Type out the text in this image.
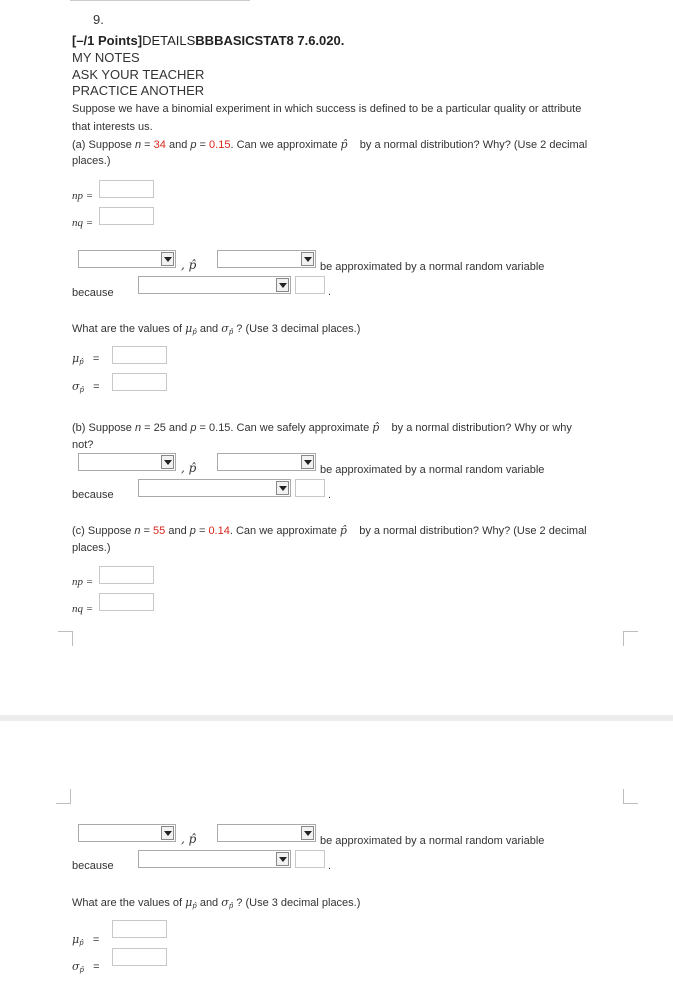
9.
[–/1 Points]DETAILSBBBASICSTAT8 7.6.020.
MY NOTES
ASK YOUR TEACHER
PRACTICE ANOTHER
Suppose we have a binomial experiment in which success is defined to be a particular quality or attribute
that interests us.
(a) Suppose n = 34 and p = 0.15. Can we approximate p̂    by a normal distribution? Why? (Use 2 decimal
places.)
np =
nq =
, p̂	be approximated by a normal random variable
because	.
What are the values of $\mu_{p̂}$ and $\sigma_{p̂}$ ? (Use 3 decimal places.)
$\mu_{p̂}$ =
$\sigma_{p̂}$ =
(b) Suppose n = 25 and p = 0.15. Can we safely approximate p̂    by a normal distribution? Why or why
not?
, p̂	be approximated by a normal random variable
because	.
(c) Suppose n = 55 and p = 0.14. Can we approximate p̂    by a normal distribution? Why? (Use 2 decimal
places.)
np =
nq =
, p̂	be approximated by a normal random variable
because	.
What are the values of $\mu_{p̂}$ and $\sigma_{p̂}$ ? (Use 3 decimal places.)
$\mu_{p̂}$ =
$\sigma_{p̂}$ =
